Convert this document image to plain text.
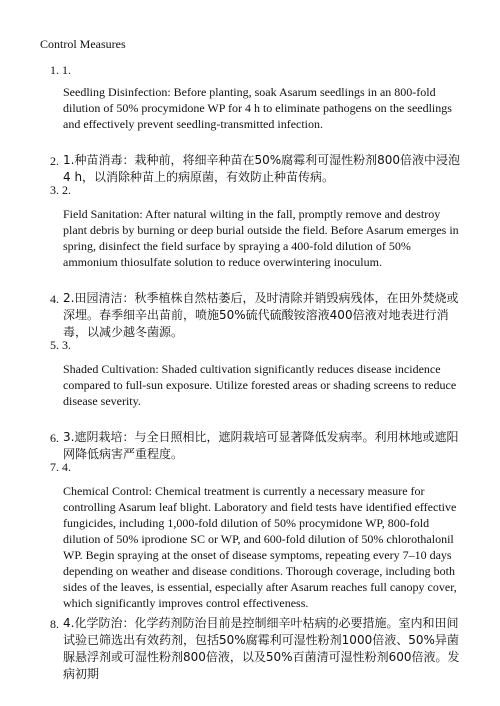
Control Measures
1. 1.
Seedling Disinfection: Before planting, soak Asarum seedlings in an 800-fold dilution of 50% procymidone WP for 4 h to eliminate pathogens on the seedlings and effectively prevent seedling-transmitted infection.
2. 1.种苗消毒：栽种前，将细辛种苗在50%腐霉利可湿性粉剂800倍液中浸泡4 h，以消除种苗上的病原菌，有效防止种苗传病。
3. 2.
Field Sanitation: After natural wilting in the fall, promptly remove and destroy plant debris by burning or deep burial outside the field. Before Asarum emerges in spring, disinfect the field surface by spraying a 400-fold dilution of 50% ammonium thiosulfate solution to reduce overwintering inoculum.
4. 2.田园清洁：秋季植株自然枯萎后，及时清除并销毁病残体，在田外焚烧或深埋。春季细辛出苗前，喷施50%硫代硫酸铵溶液400倍液对地表进行消毒，以减少越冬菌源。
5. 3.
Shaded Cultivation: Shaded cultivation significantly reduces disease incidence compared to full-sun exposure. Utilize forested areas or shading screens to reduce disease severity.
6. 3.遮阴栽培：与全日照相比，遮阴栽培可显著降低发病率。利用林地或遮阳网降低病害严重程度。
7. 4.
Chemical Control: Chemical treatment is currently a necessary measure for controlling Asarum leaf blight. Laboratory and field tests have identified effective fungicides, including 1,000-fold dilution of 50% procymidone WP, 800-fold dilution of 50% iprodione SC or WP, and 600-fold dilution of 50% chlorothalonil WP. Begin spraying at the onset of disease symptoms, repeating every 7–10 days depending on weather and disease conditions. Thorough coverage, including both sides of the leaves, is essential, especially after Asarum reaches full canopy cover, which significantly improves control effectiveness.
8. 4.化学防治：化学药剂防治目前是控制细辛叶枯病的必要措施。室内和田间试验已筛选出有效药剂，包括50%腐霉利可湿性粉剂1000倍液、50%异菌脲悬浮剂或可湿性粉剂800倍液，以及50%百菌清可湿性粉剂600倍液。发病初期
